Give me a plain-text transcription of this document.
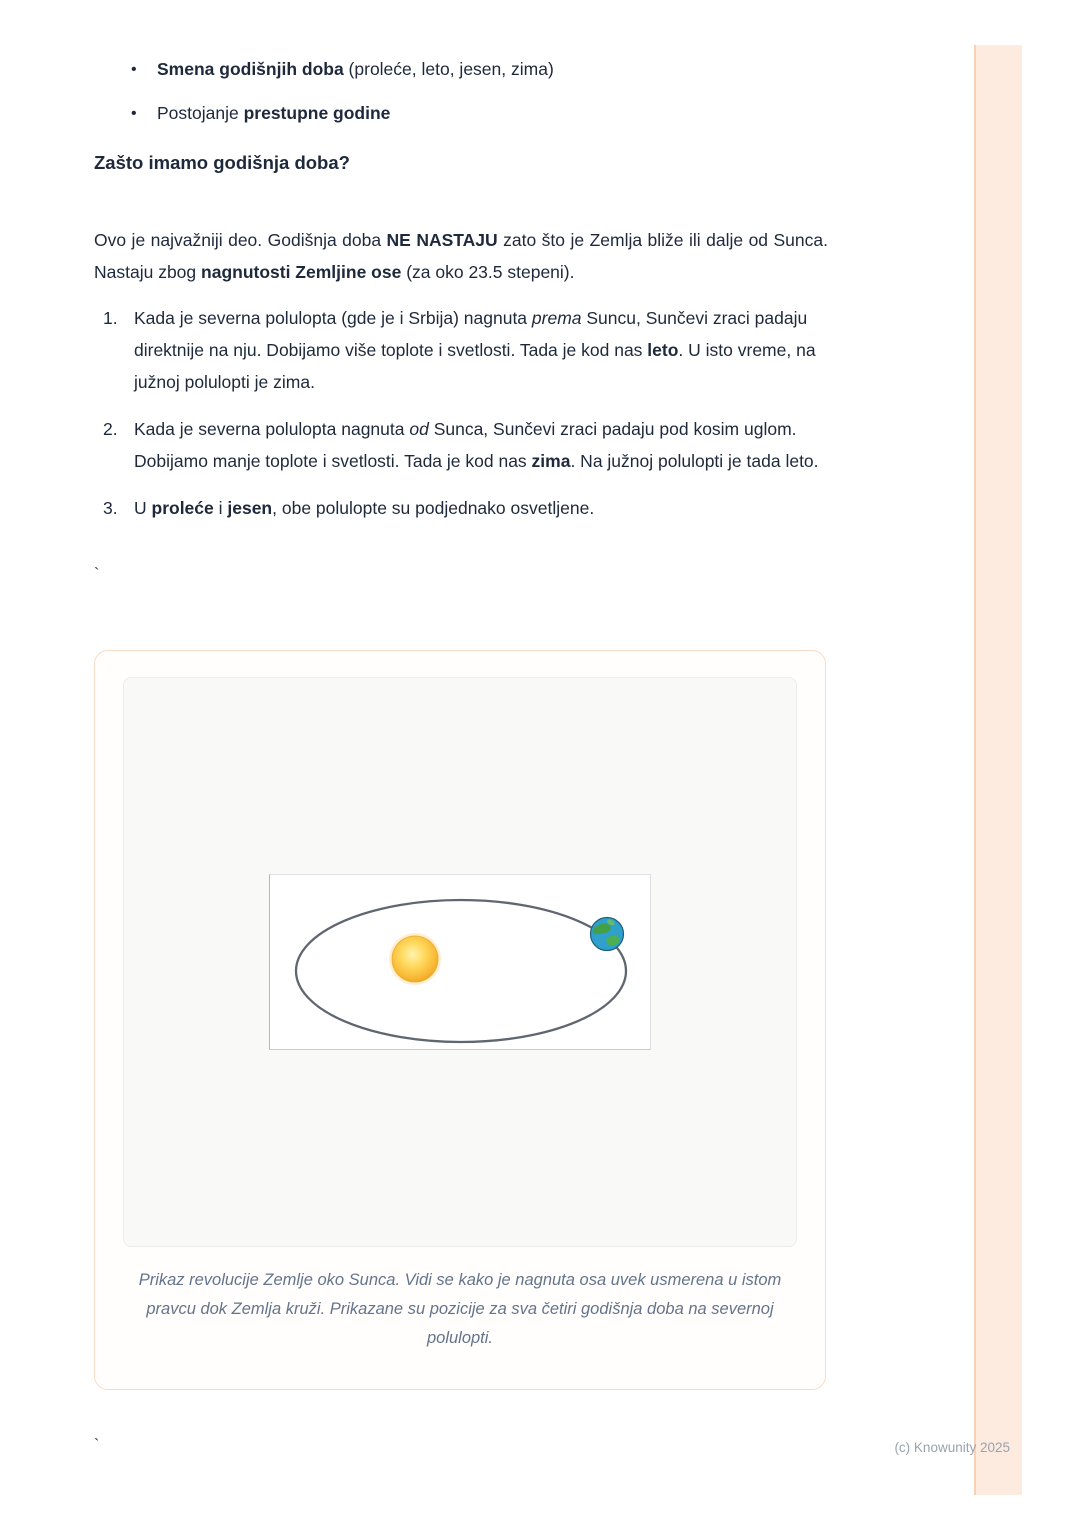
•	Smena godišnjih doba (proleće, leto, jesen, zima)
•	Postojanje prestupne godine
Zašto imamo godišnja doba?

Ovo je najvažniji deo. Godišnja doba NE NASTAJU zato što je Zemlja bliže ili dalje od Sunca. Nastaju zbog nagnutosti Zemljine ose (za oko 23.5 stepeni).

1. Kada je severna polulopta (gde je i Srbija) nagnuta prema Suncu, Sunčevi zraci padaju direktnije na nju. Dobijamo više toplote i svetlosti. Tada je kod nas leto. U isto vreme, na južnoj polulopti je zima.
2. Kada je severna polulopta nagnuta od Sunca, Sunčevi zraci padaju pod kosim uglom. Dobijamo manje toplote i svetlosti. Tada je kod nas zima. Na južnoj polulopti je tada leto.
3. U proleće i jesen, obe polulopte su podjednako osvetljene.
`
Prikaz revolucije Zemlje oko Sunca. Vidi se kako je nagnuta osa uvek usmerena u istom pravcu dok Zemlja kruži. Prikazane su pozicije za sva četiri godišnja doba na severnoj polulopti.
`	(c) Knowunity 2025
